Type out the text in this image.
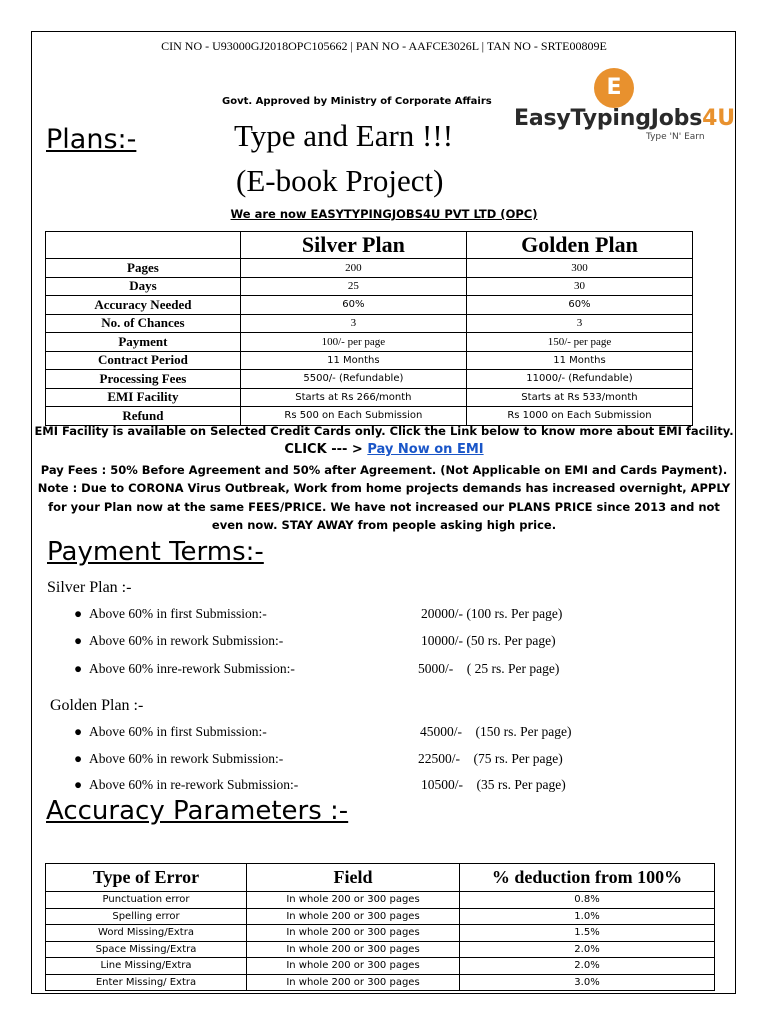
CIN NO - U93000GJ2018OPC105662 | PAN NO - AAFCE3026L | TAN NO - SRTE00809E
Govt. Approved by Ministry of Corporate Affairs
Plans:-	Type and Earn !!!
(E-book Project)
E
EasyTypingJobs4U
Type 'N' Earn
We are now EASYTYPINGJOBS4U PVT LTD (OPC)
	Silver Plan	Golden Plan
Pages	200	300
Days	25	30
Accuracy Needed	60%	60%
No. of Chances	3	3
Payment	100/- per page	150/- per page
Contract Period	11 Months	11 Months
Processing Fees	5500/- (Refundable)	11000/- (Refundable)
EMI Facility	Starts at Rs 266/month	Starts at Rs 533/month
Refund	Rs 500 on Each Submission	Rs 1000 on Each Submission
EMI Facility is available on Selected Credit Cards only. Click the Link below to know more about EMI facility.
CLICK --- > Pay Now on EMI
Pay Fees : 50% Before Agreement and 50% after Agreement. (Not Applicable on EMI and Cards Payment).
Note : Due to CORONA Virus Outbreak, Work from home projects demands has increased overnight, APPLY for your Plan now at the same FEES/PRICE. We have not increased our PLANS PRICE since 2013 and not even now. STAY AWAY from people asking high price.
Payment Terms:-
Silver Plan :-
● Above 60% in first Submission:-	20000/- (100 rs. Per page)
● Above 60% in rework Submission:-	10000/- (50 rs. Per page)
● Above 60% inre-rework Submission:-	5000/-    ( 25 rs. Per page)
Golden Plan :-
● Above 60% in first Submission:-	45000/-    (150 rs. Per page)
● Above 60% in rework Submission:-	22500/-    (75 rs. Per page)
● Above 60% in re-rework Submission:-	10500/-    (35 rs. Per page)
Accuracy Parameters :-
Type of Error	Field	% deduction from 100%
Punctuation error	In whole 200 or 300 pages	0.8%
Spelling error	In whole 200 or 300 pages	1.0%
Word Missing/Extra	In whole 200 or 300 pages	1.5%
Space Missing/Extra	In whole 200 or 300 pages	2.0%
Line Missing/Extra	In whole 200 or 300 pages	2.0%
Enter Missing/ Extra	In whole 200 or 300 pages	3.0%
